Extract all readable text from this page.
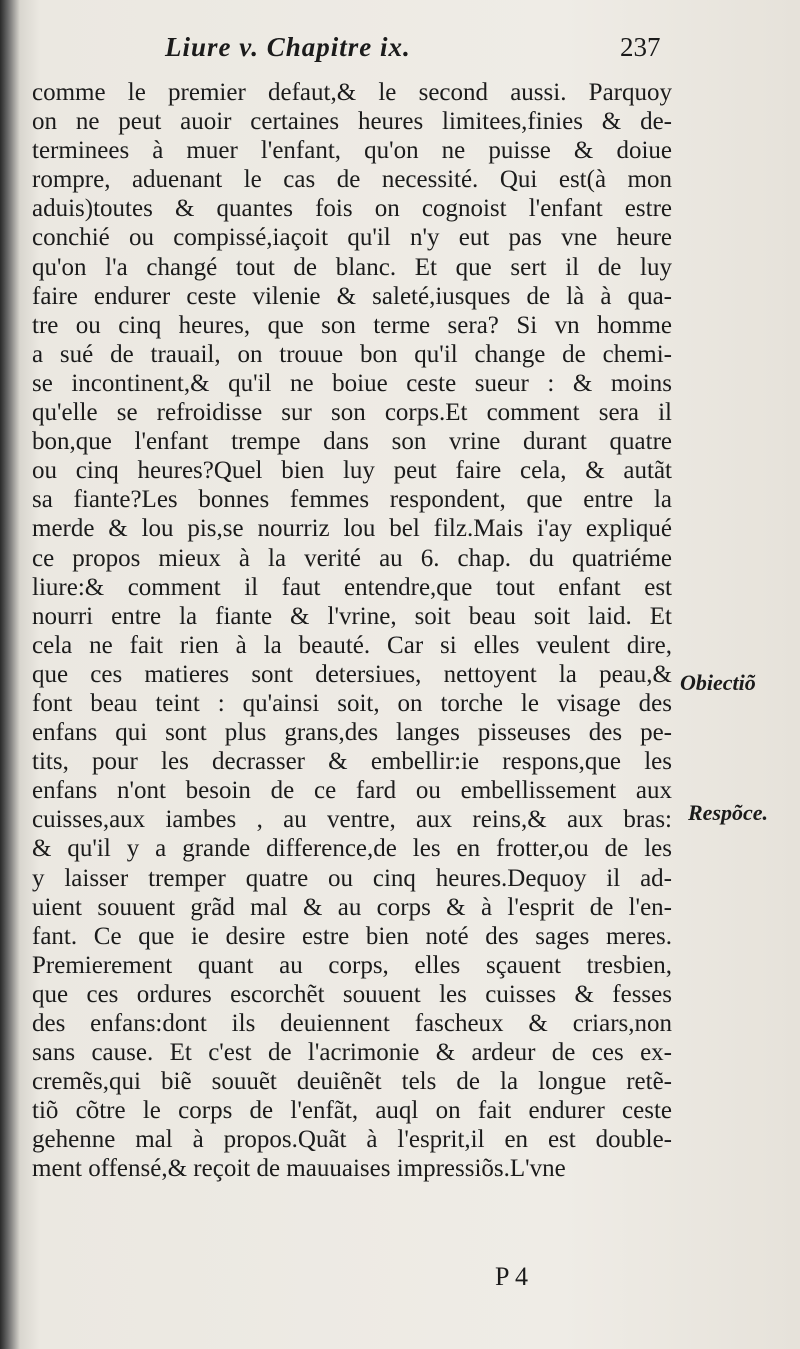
Liure v. Chapitre ix.	237
comme le premier defaut,& le second aussi. Parquoy
on ne peut auoir certaines heures limitees,finies & de-
terminees à muer l'enfant, qu'on ne puisse & doiue
rompre, aduenant le cas de necessité. Qui est(à mon
aduis)toutes & quantes fois on cognoist l'enfant estre
conchié ou compissé,iaçoit qu'il n'y eut pas vne heure
qu'on l'a changé tout de blanc. Et que sert il de luy
faire endurer ceste vilenie & saleté,iusques de là à qua-
tre ou cinq heures, que son terme sera? Si vn homme
a sué de trauail, on trouue bon qu'il change de chemi-
se incontinent,& qu'il ne boiue ceste sueur : & moins
qu'elle se refroidisse sur son corps.Et comment sera il
bon,que l'enfant trempe dans son vrine durant quatre
ou cinq heures?Quel bien luy peut faire cela, & autãt
sa fiante?Les bonnes femmes respondent, que entre la
merde & lou pis,se nourriz lou bel filz.Mais i'ay expliqué
ce propos mieux à la verité au 6. chap. du quatriéme
liure:& comment il faut entendre,que tout enfant est
nourri entre la fiante & l'vrine, soit beau soit laid. Et
cela ne fait rien à la beauté. Car si elles veulent dire,
que ces matieres sont detersiues, nettoyent la peau,&
font beau teint : qu'ainsi soit, on torche le visage des
enfans qui sont plus grans,des langes pisseuses des pe-
tits, pour les decrasser & embellir:ie respons,que les
enfans n'ont besoin de ce fard ou embellissement aux
cuisses,aux iambes , au ventre, aux reins,& aux bras:
& qu'il y a grande difference,de les en frotter,ou de les
y laisser tremper quatre ou cinq heures.Dequoy il ad-
uient souuent grãd mal & au corps & à l'esprit de l'en-
fant. Ce que ie desire estre bien noté des sages meres.
Premierement quant au corps, elles sçauent tresbien,
que ces ordures escorchẽt souuent les cuisses & fesses
des enfans:dont ils deuiennent fascheux & criars,non
sans cause. Et c'est de l'acrimonie & ardeur de ces ex-
cremẽs,qui biẽ souuẽt deuiẽnẽt tels de la longue retẽ-
tiõ cõtre le corps de l'enfãt, auql on fait endurer ceste
gehenne mal à propos.Quãt à l'esprit,il en est double-
ment offensé,& reçoit de mauuaises impressiõs.L'vne
Obiectiõ
Respõce.
P 4
